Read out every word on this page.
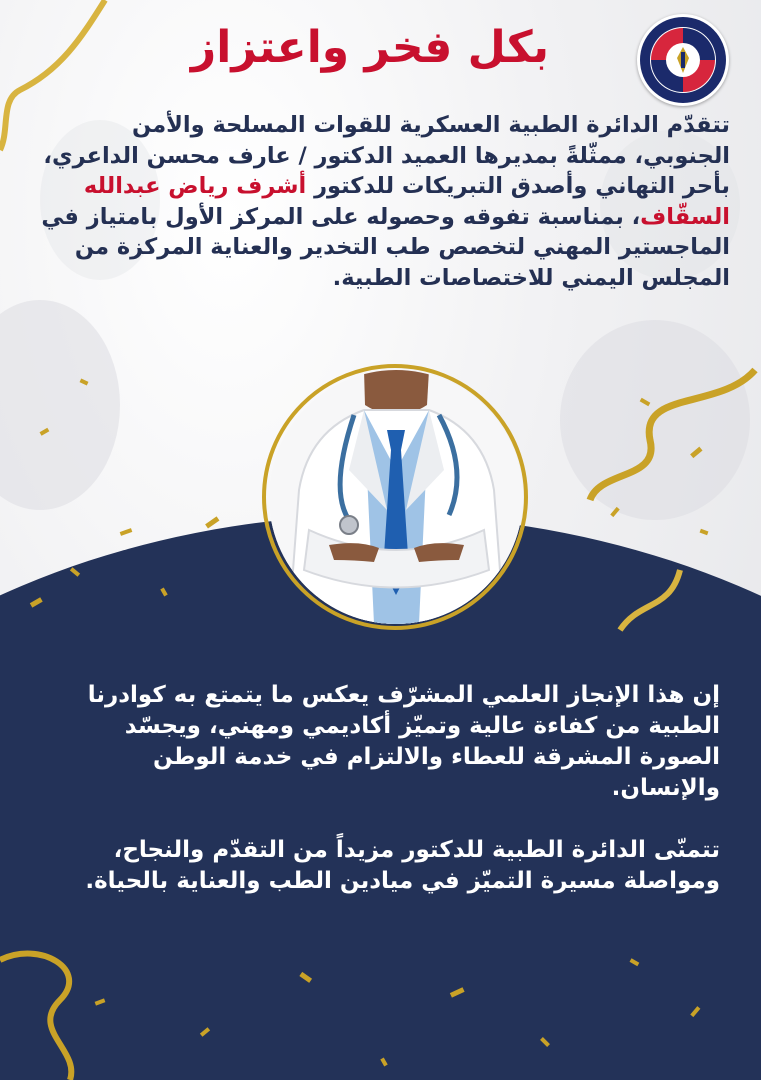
بكل فخر واعتزاز
تتقدّم الدائرة الطبية العسكرية للقوات المسلحة والأمن الجنوبي، ممثّلةً بمديرها العميد الدكتور / عارف محسن الداعري، بأحر التهاني وأصدق التبريكات للدكتور أشرف رياض عبدالله السقّاف، بمناسبة تفوقه وحصوله على المركز الأول بامتياز في الماجستير المهني لتخصص طب التخدير والعناية المركزة من المجلس اليمني للاختصاصات الطبية.

إن هذا الإنجاز العلمي المشرّف يعكس ما يتمتع به كوادرنا الطبية من كفاءة عالية وتميّز أكاديمي ومهني، ويجسّد الصورة المشرقة للعطاء والالتزام في خدمة الوطن والإنسان.

تتمنّى الدائرة الطبية للدكتور مزيداً من التقدّم والنجاح، ومواصلة مسيرة التميّز في ميادين الطب والعناية بالحياة.
